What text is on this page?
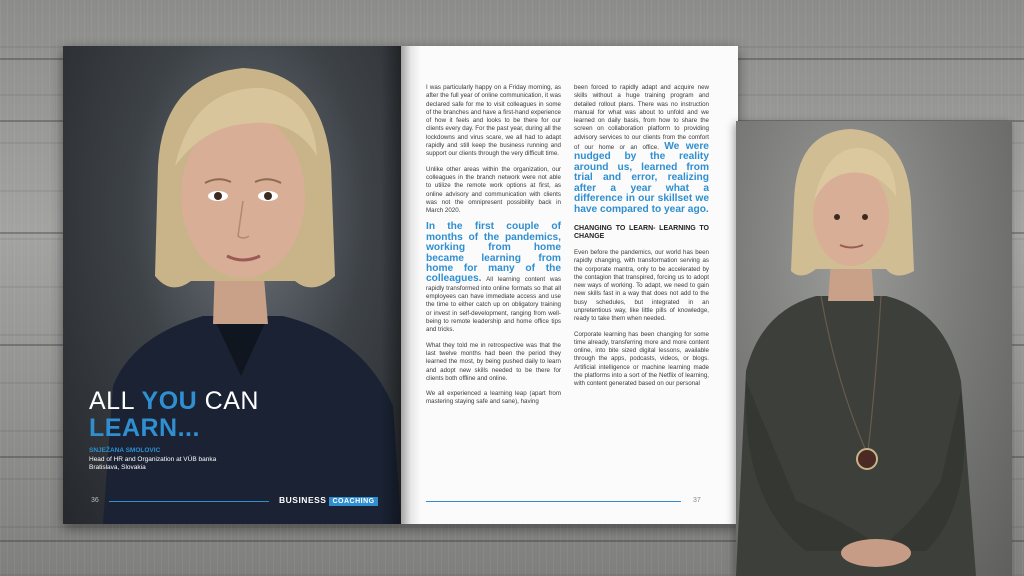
ALL YOU CAN
LEARN...
SNJEŽANA SMOLOVIC
Head of HR and Organization at VÚB banka
Bratislava, Slovakia
36	BUSINESS COACHING

I was particularly happy on a Friday morning, as after the full year of online communication, it was declared safe for me to visit colleagues in some of the branches and have a first-hand experience of how it feels and looks to be there for our clients every day. For the past year, during all the lockdowns and virus scare, we all had to adapt rapidly and still keep the business running and support our clients through the very difficult time.

Unlike other areas within the organization, our colleagues in the branch network were not able to utilize the remote work options at first, as online advisory and communication with clients was not the omnipresent possibility back in March 2020.

In the first couple of months of the pandemics, working from home became learning from home for many of the colleagues. All learning content was rapidly transformed into online formats so that all employees can have immediate access and use the time to either catch up on obligatory training or invest in self-development, ranging from well-being to remote leadership and home office tips and tricks.

What they told me in retrospective was that the last twelve months had been the period they learned the most, by being pushed daily to learn and adopt new skills needed to be there for clients both offline and online.

We all experienced a learning leap (apart from mastering staying safe and sane), having

been forced to rapidly adapt and acquire new skills without a huge training program and detailed rollout plans. There was no instruction manual for what was about to unfold and we learned on daily basis, from how to share the screen on collaboration platform to providing advisory services to our clients from the comfort of our home or an office. We were nudged by the reality around us, learned from trial and error, realizing after a year what a difference in our skillset we have compared to year ago.

CHANGING TO LEARN- LEARNING TO CHANGE

Even before the pandemics, our world has been rapidly changing, with transformation serving as the corporate mantra, only to be accelerated by the contagion that transpired, forcing us to adopt new ways of working. To adapt, we need to gain new skills fast in a way that does not add to the busy schedules, but integrated in an unpretentious way, like little pills of knowledge, ready to take them when needed.

Corporate learning has been changing for some time already, transferring more and more content online, into bite sized digital lessons, available through the apps, podcasts, videos, or blogs. Artificial intelligence or machine learning made the platforms into a sort of the Netflix of learning, with content generated based on our personal

37
